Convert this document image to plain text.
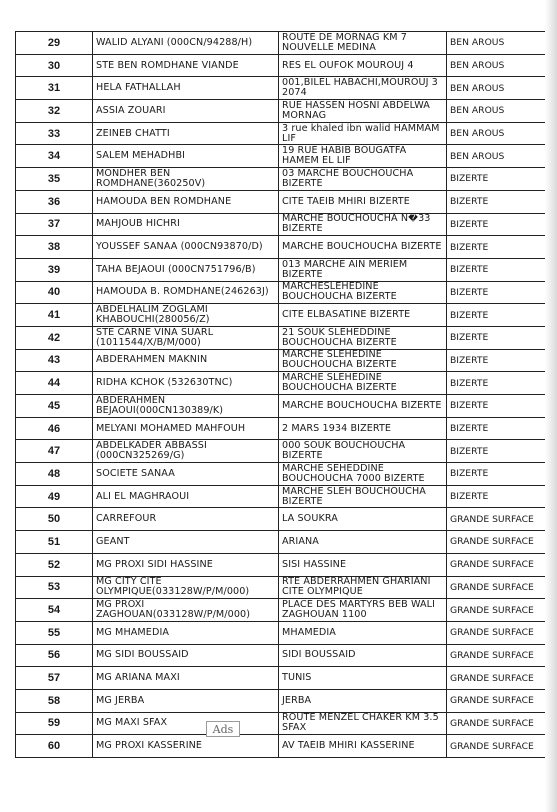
29	WALID ALYANI (000CN/94288/H)	ROUTE DE MORNAG KM 7 NOUVELLE MEDINA	BEN AROUS
30	STE BEN ROMDHANE VIANDE	RES EL OUFOK MOUROUJ 4	BEN AROUS
31	HELA FATHALLAH	001,BILEL HABACHI,MOUROUJ 3 2074	BEN AROUS
32	ASSIA ZOUARI	RUE HASSEN HOSNI ABDELWA MORNAG	BEN AROUS
33	ZEINEB CHATTI	3 rue khaled ibn walid HAMMAM LIF	BEN AROUS
34	SALEM MEHADHBI	19 RUE HABIB BOUGATFA HAMEM EL LIF	BEN AROUS
35	MONDHER BEN ROMDHANE(360250V)	03 MARCHE BOUCHOUCHA BIZERTE	BIZERTE
36	HAMOUDA BEN ROMDHANE	CITE TAEIB MHIRI BIZERTE	BIZERTE
37	MAHJOUB HICHRI	MARCHE BOUCHOUCHA N�33 BIZERTE	BIZERTE
38	YOUSSEF SANAA (000CN93870/D)	MARCHE BOUCHOUCHA BIZERTE	BIZERTE
39	TAHA BEJAOUI (000CN751796/B)	013 MARCHE AIN MERIEM BIZERTE	BIZERTE
40	HAMOUDA B. ROMDHANE(246263J)	MARCHESLEHEDINE BOUCHOUCHA BIZERTE	BIZERTE
41	ABDELHALIM ZOGLAMI KHABOUCHI(280056/Z)	CITE ELBASATINE BIZERTE	BIZERTE
42	STE CARNE VINA SUARL (1011544/X/B/M/000)	21 SOUK SLEHEDDINE BOUCHOUCHA BIZERTE	BIZERTE
43	ABDERAHMEN MAKNIN	MARCHE SLEHEDINE BOUCHOUCHA BIZERTE	BIZERTE
44	RIDHA KCHOK (532630TNC)	MARCHE SLEHEDINE BOUCHOUCHA BIZERTE	BIZERTE
45	ABDERAHMEN BEJAOUI(000CN130389/K)	MARCHE BOUCHOUCHA BIZERTE	BIZERTE
46	MELYANI MOHAMED MAHFOUH	2 MARS 1934 BIZERTE	BIZERTE
47	ABDELKADER ABBASSI (000CN325269/G)	000 SOUK BOUCHOUCHA BIZERTE	BIZERTE
48	SOCIETE SANAA	MARCHE SEHEDDINE BOUCHOUCHA 7000 BIZERTE	BIZERTE
49	ALI EL MAGHRAOUI	MARCHE SLEH BOUCHOUCHA BIZERTE	BIZERTE
50	CARREFOUR	LA SOUKRA	GRANDE SURFACE
51	GEANT	ARIANA	GRANDE SURFACE
52	MG PROXI SIDI HASSINE	SISI HASSINE	GRANDE SURFACE
53	MG CITY CITE OLYMPIQUE(033128W/P/M/000)	RTE ABDERRAHMEN GHARIANI CITE OLYMPIQUE	GRANDE SURFACE
54	MG PROXI ZAGHOUAN(033128W/P/M/000)	PLACE DES MARTYRS BEB WALI ZAGHOUAN 1100	GRANDE SURFACE
55	MG MHAMEDIA	MHAMEDIA	GRANDE SURFACE
56	MG SIDI BOUSSAID	SIDI BOUSSAID	GRANDE SURFACE
57	MG ARIANA MAXI	TUNIS	GRANDE SURFACE
58	MG JERBA	JERBA	GRANDE SURFACE
59	MG MAXI SFAX	ROUTE MENZEL CHAKER KM 3.5 SFAX	GRANDE SURFACE
60	MG PROXI KASSERINE	AV TAEIB MHIRI KASSERINE	GRANDE SURFACE
Ads
